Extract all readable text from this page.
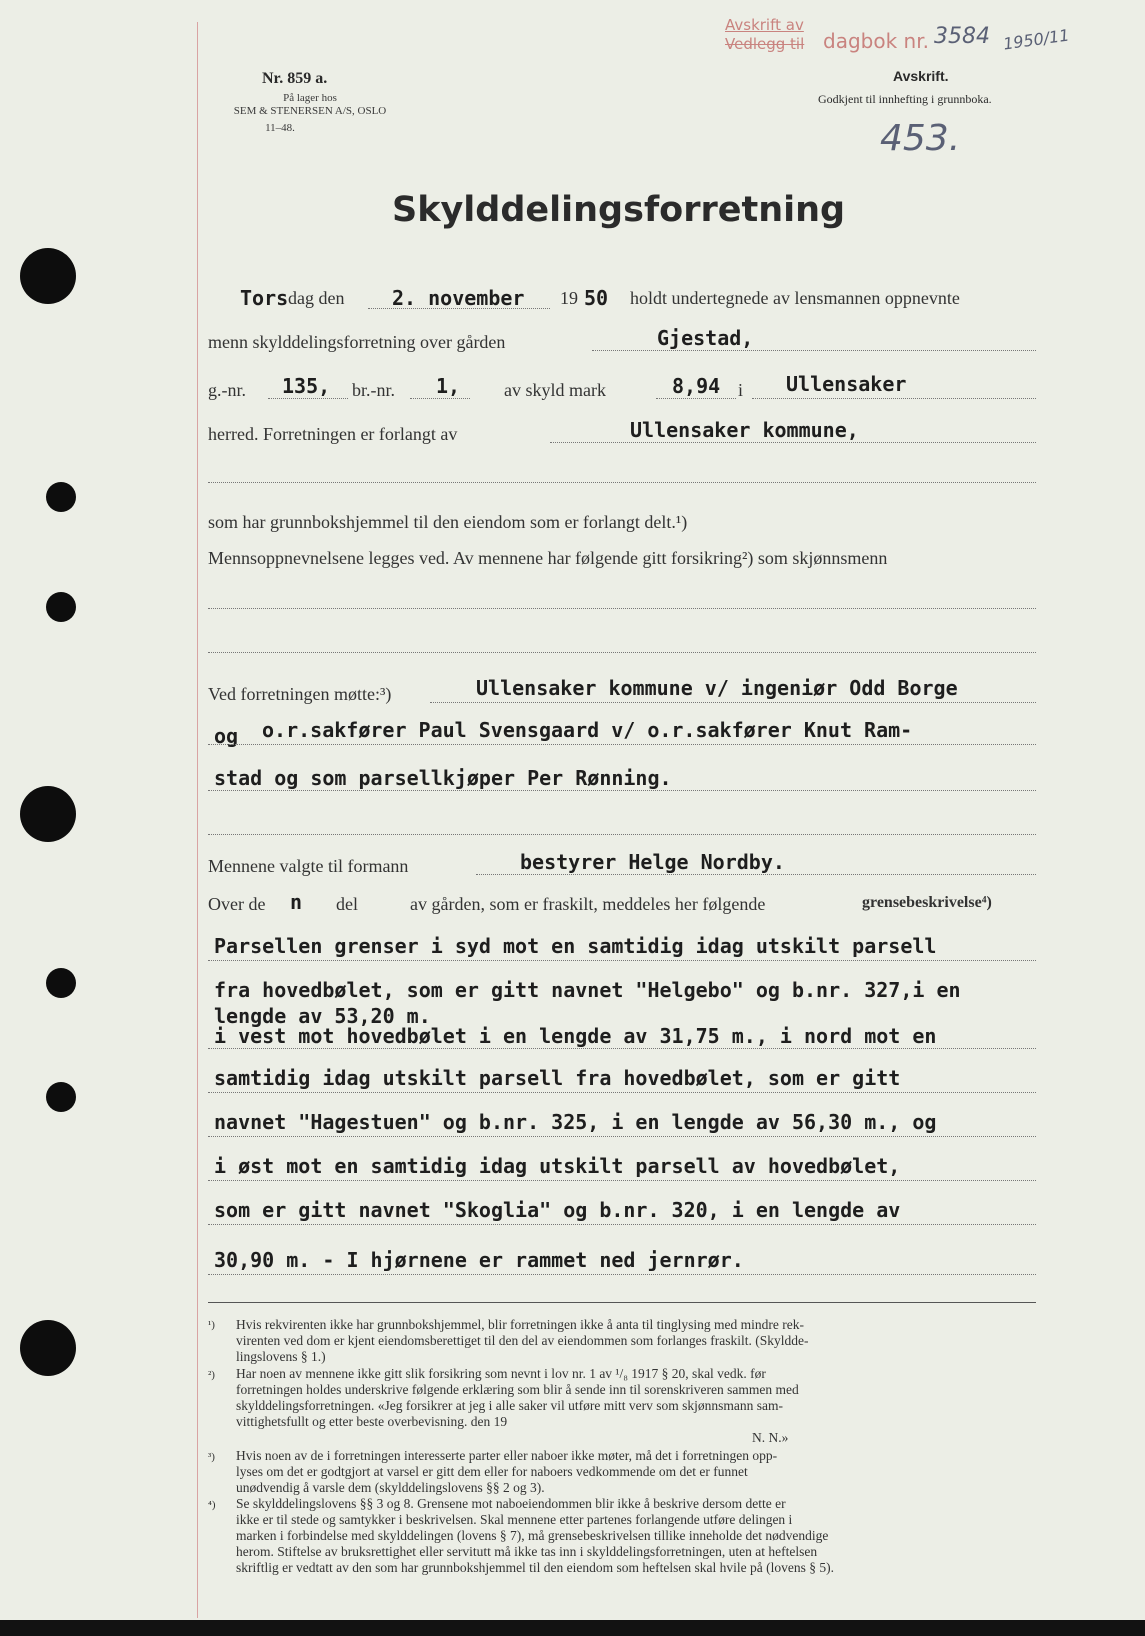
Nr. 859 a.
På lager hos
SEM & STENERSEN A/S, OSLO
11–48.
Avskrift av
Vedlegg til dagbok nr. 3584 1950/11
Avskrift.
Godkjent til innhefting i grunnboka.
453.
Skylddelingsforretning
Tors dag den 2. november 19 50 holdt undertegnede av lensmannen oppnevnte
menn skylddelingsforretning over gården	Gjestad,
g.-nr. 135, br.-nr. 1, av skyld mark	8,94 i Ullensaker
herred. Forretningen er forlangt av	Ullensaker kommune,
som har grunnbokshjemmel til den eiendom som er forlangt delt.¹)
Mennsoppnevnelsene legges ved. Av mennene har følgende gitt forsikring²) som skjønnsmenn
Ved forretningen møtte:³)	Ullensaker kommune v/ ingeniør Odd Borge
og o.r.sakfører Paul Svensgaard v/ o.r.sakfører Knut Ram-
stad og som parsellkjøper Per Rønning.
Mennene valgte til formann	bestyrer Helge Nordby.
Over de n del	av gården, som er fraskilt, meddeles her følgende	grensebeskrivelse⁴)
Parsellen grenser i syd mot en samtidig idag utskilt parsell
fra hovedbølet, som er gitt navnet "Helgebo" og b.nr. 327,i en
lengde av 53,20 m.
i vest mot hovedbølet i en lengde av 31,75 m., i nord mot en
samtidig idag utskilt parsell fra hovedbølet, som er gitt
navnet "Hagestuen" og b.nr. 325, i en lengde av 56,30 m., og
i øst mot en samtidig idag utskilt parsell av hovedbølet,
som er gitt navnet "Skoglia" og b.nr. 320, i en lengde av
30,90 m. - I hjørnene er rammet ned jernrør.
¹) Hvis rekvirenten ikke har grunnbokshjemmel, blir forretningen ikke å anta til tinglysing med mindre rek-
virenten ved dom er kjent eiendomsberettiget til den del av eiendommen som forlanges fraskilt. (Skyldde-
lingslovens § 1.)
²) Har noen av mennene ikke gitt slik forsikring som nevnt i lov nr. 1 av ¹/₈ 1917 § 20, skal vedk. før
forretningen holdes underskrive følgende erklæring som blir å sende inn til sorenskriveren sammen med
skylddelingsforretningen. «Jeg forsikrer at jeg i alle saker vil utføre mitt verv som skjønnsmann sam-
vittighetsfullt og etter beste overbevisning. den 19
N. N.»
³) Hvis noen av de i forretningen interesserte parter eller naboer ikke møter, må det i forretningen opp-
lyses om det er godtgjort at varsel er gitt dem eller for naboers vedkommende om det er funnet
unødvendig å varsle dem (skylddelingslovens §§ 2 og 3).
⁴) Se skylddelingslovens §§ 3 og 8. Grensene mot naboeiendommen blir ikke å beskrive dersom dette er
ikke er til stede og samtykker i beskrivelsen. Skal mennene etter partenes forlangende utføre delingen i
marken i forbindelse med skylddelingen (lovens § 7), må grensebeskrivelsen tillike inneholde det nødvendige
herom. Stiftelse av bruksrettighet eller servitutt må ikke tas inn i skylddelingsforretningen, uten at heftelsen
skriftlig er vedtatt av den som har grunnbokshjemmel til den eiendom som heftelsen skal hvile på (lovens § 5).
